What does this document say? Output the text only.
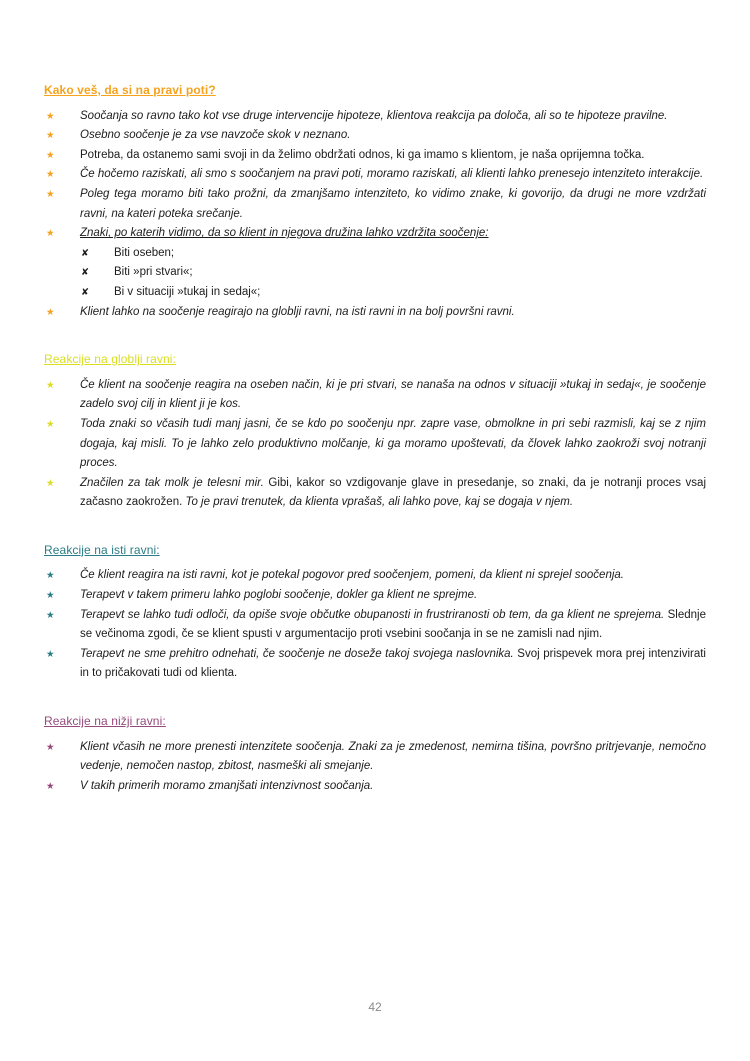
Kako veš, da si na pravi poti?
★	Soočanja so ravno tako kot vse druge intervencije hipoteze, klientova reakcija pa določa, ali so te hipoteze pravilne.
★	Osebno soočenje je za vse navzoče skok v neznano.
★	Potreba, da ostanemo sami svoji in da želimo obdržati odnos, ki ga imamo s klientom, je naša oprijemna točka.
★	Če hočemo raziskati, ali smo s soočanjem na pravi poti, moramo raziskati, ali klienti lahko prenesejo intenziteto interakcije.
★	Poleg tega moramo biti tako prožni, da zmanjšamo intenziteto, ko vidimo znake, ki govorijo, da drugi ne more vzdržati ravni, na kateri poteka srečanje.
★	Znaki, po katerih vidimo, da so klient in njegova družina lahko vzdržita soočenje:
✘	Biti oseben;
✘	Biti »pri stvari«;
✘	Bi v situaciji »tukaj in sedaj«;
★	Klient lahko na soočenje reagirajo na globlji ravni, na isti ravni in na bolj površni ravni.
Reakcije na globlji ravni:
★	Če klient na soočenje reagira na oseben način, ki je pri stvari, se nanaša na odnos v situaciji »tukaj in sedaj«, je soočenje zadelo svoj cilj in klient ji je kos.
★	Toda znaki so včasih tudi manj jasni, če se kdo po soočenju npr. zapre vase, obmolkne in pri sebi razmisli, kaj se z njim dogaja, kaj misli. To je lahko zelo produktivno molčanje, ki ga moramo upoštevati, da človek lahko zaokroži svoj notranji proces.
★	Značilen za tak molk je telesni mir. Gibi, kakor so vzdigovanje glave in presedanje, so znaki, da je notranji proces vsaj začasno zaokrožen. To je pravi trenutek, da klienta vprašaš, ali lahko pove, kaj se dogaja v njem.
Reakcije na isti ravni:
★	Če klient reagira na isti ravni, kot je potekal pogovor pred soočenjem, pomeni, da klient ni sprejel soočenja.
★	Terapevt v takem primeru lahko poglobi soočenje, dokler ga klient ne sprejme.
★	Terapevt se lahko tudi odloči, da opiše svoje občutke obupanosti in frustriranosti ob tem, da ga klient ne sprejema. Slednje se večinoma zgodi, če se klient spusti v argumentacijo proti vsebini soočanja in se ne zamisli nad njim.
★	Terapevt ne sme prehitro odnehati, če soočenje ne doseže takoj svojega naslovnika. Svoj prispevek mora prej intenzivirati in to pričakovati tudi od klienta.
Reakcije na nižji ravni:
★	Klient včasih ne more prenesti intenzitete soočenja. Znaki za je zmedenost, nemirna tišina, površno pritrjevanje, nemočno vedenje, nemočen nastop, zbitost, nasmeški ali smejanje.
★	V takih primerih moramo zmanjšati intenzivnost soočanja.
42
